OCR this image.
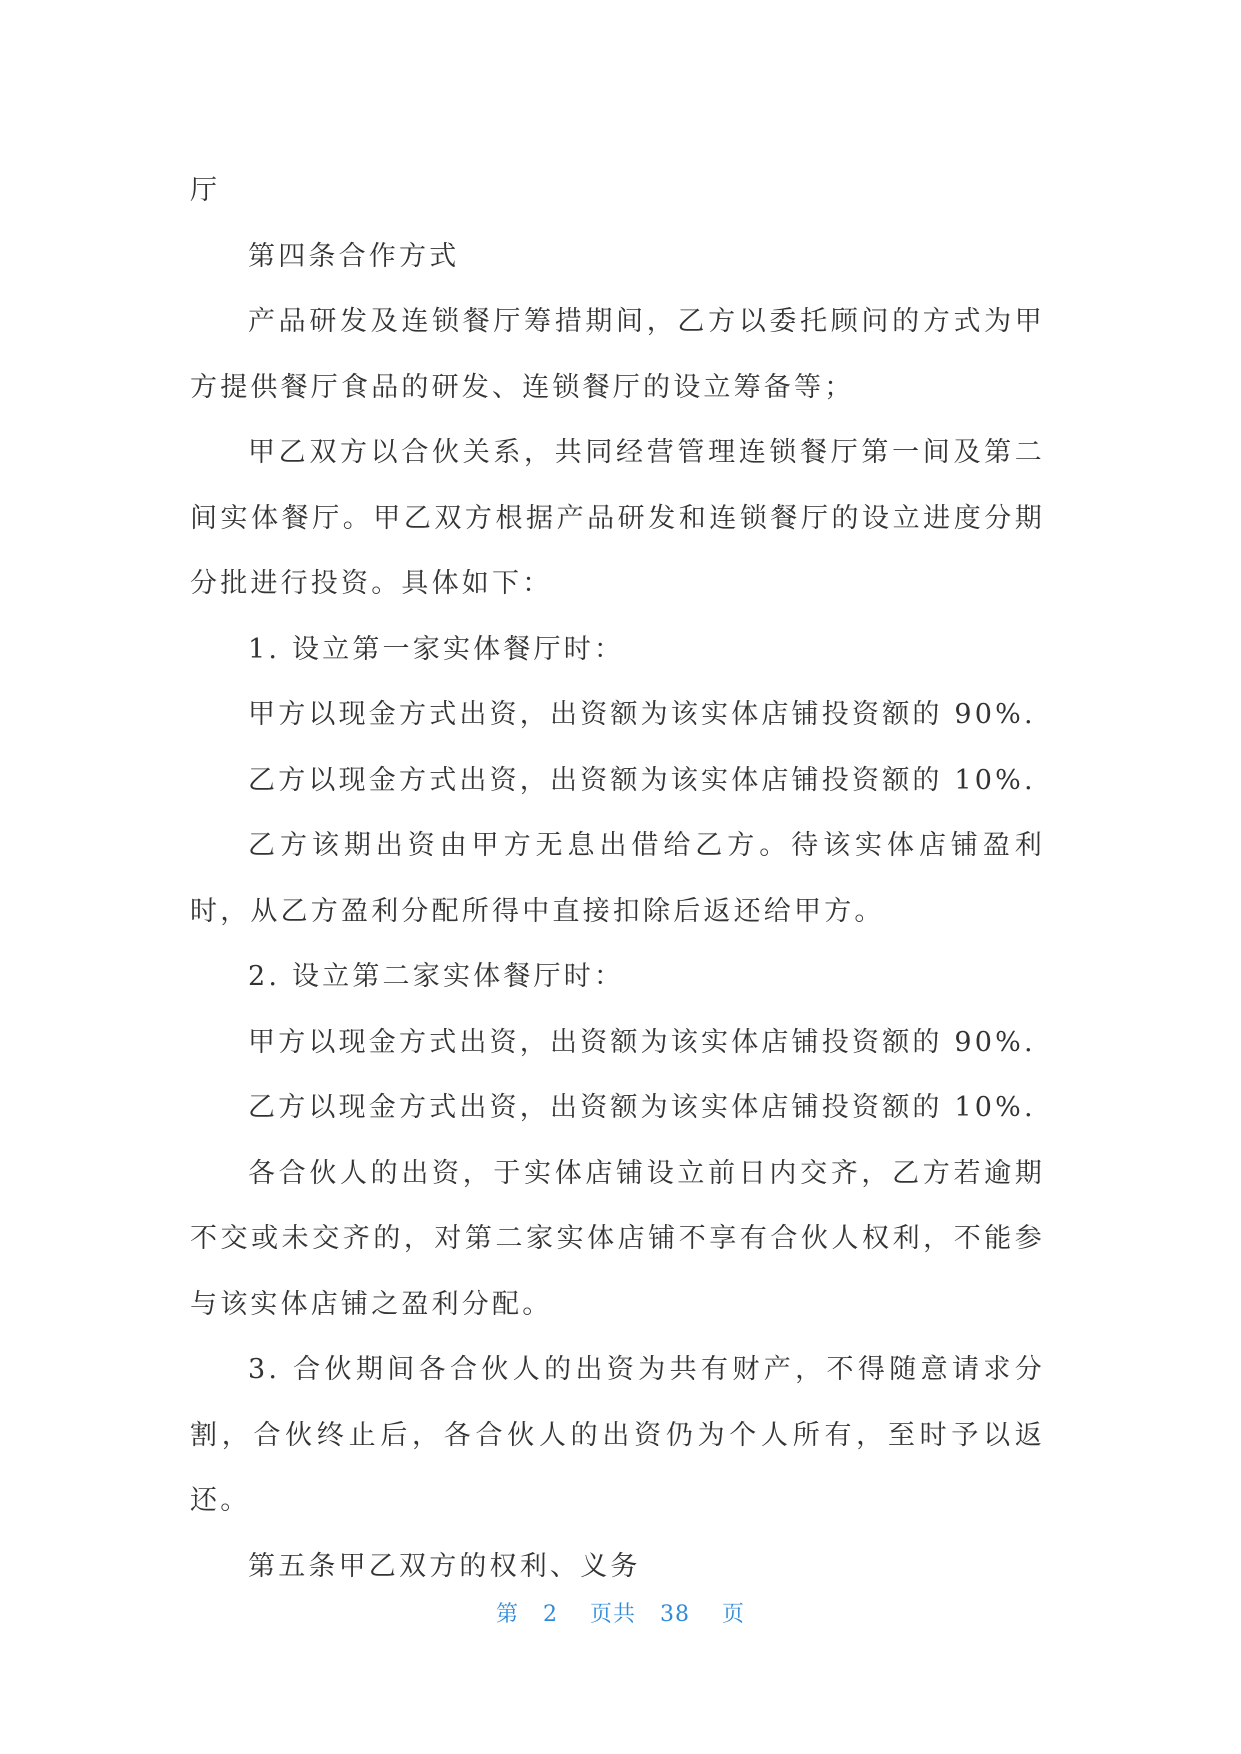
厅

第四条合作方式

产品研发及连锁餐厅筹措期间，乙方以委托顾问的方式为甲方提供餐厅食品的研发、连锁餐厅的设立筹备等；

甲乙双方以合伙关系，共同经营管理连锁餐厅第一间及第二间实体餐厅。甲乙双方根据产品研发和连锁餐厅的设立进度分期分批进行投资。具体如下：

1. 设立第一家实体餐厅时：

甲方以现金方式出资，出资额为该实体店铺投资额的 90%.

乙方以现金方式出资，出资额为该实体店铺投资额的 10%.

乙方该期出资由甲方无息出借给乙方。待该实体店铺盈利时，从乙方盈利分配所得中直接扣除后返还给甲方。

2. 设立第二家实体餐厅时：

甲方以现金方式出资，出资额为该实体店铺投资额的 90%.

乙方以现金方式出资，出资额为该实体店铺投资额的 10%.

各合伙人的出资，于实体店铺设立前日内交齐，乙方若逾期不交或未交齐的，对第二家实体店铺不享有合伙人权利，不能参与该实体店铺之盈利分配。

3. 合伙期间各合伙人的出资为共有财产，不得随意请求分割，合伙终止后，各合伙人的出资仍为个人所有，至时予以返还。

第五条甲乙双方的权利、义务

第 2 页共 38 页
